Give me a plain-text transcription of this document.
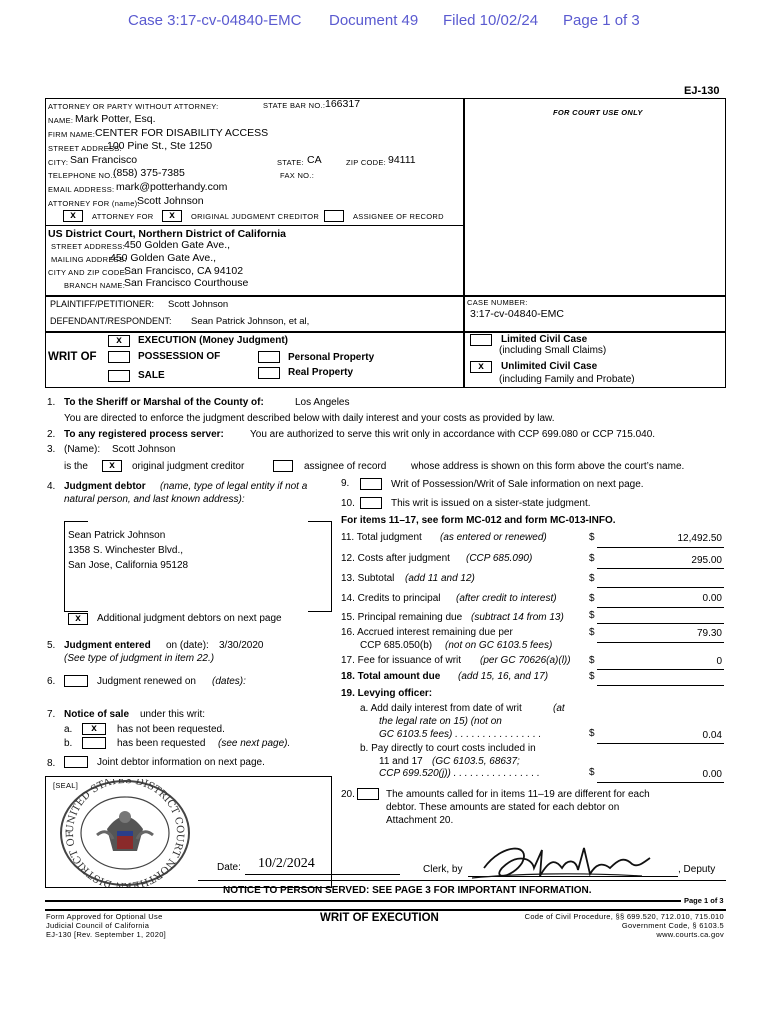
Case 3:17-cv-04840-EMC Document 49 Filed 10/02/24 Page 1 of 3
EJ-130
FOR COURT USE ONLY
ATTORNEY OR PARTY WITHOUT ATTORNEY:	STATE BAR NO.: 166317
NAME: Mark Potter, Esq.
FIRM NAME: CENTER FOR DISABILITY ACCESS
STREET ADDRESS:
100 Pine St., Ste 1250
CITY: San Francisco	STATE: CA	ZIP CODE: 94111
TELEPHONE NO.:
(858) 375-7385	FAX NO.:
EMAIL ADDRESS: mark@potterhandy.com
ATTORNEY FOR (name):
Scott Johnson
x	ATTORNEY FOR	x	ORIGINAL JUDGMENT CREDITOR	ASSIGNEE OF RECORD
US District Court, Northern District of California
STREET ADDRESS: 450 Golden Gate Ave.,
MAILING ADDRESS:
450 Golden Gate Ave.,
CITY AND ZIP CODE:
San Francisco, CA 94102
BRANCH NAME:
San Francisco Courthouse
PLAINTIFF/PETITIONER: Scott Johnson
DEFENDANT/RESPONDENT: Sean Patrick Johnson, et al,
CASE NUMBER:
3:17-cv-04840-EMC
WRIT OF
x	EXECUTION (Money Judgment)
POSSESSION OF	Personal Property
Real Property
SALE
Limited Civil Case
(including Small Claims)
x	Unlimited Civil Case
(including Family and Probate)
1. To the Sheriff or Marshal of the County of:	Los Angeles
You are directed to enforce the judgment described below with daily interest and your costs as provided by law.
2. To any registered process server:	You are authorized to serve this writ only in accordance with CCP 699.080 or CCP 715.040.
3. (Name): Scott Johnson
is the	x	original judgment creditor	assignee of record whose address is shown on this form above the court’s name.
4. Judgment debtor (name, type of legal entity if not a
natural person, and last known address):
Sean Patrick Johnson
1358 S. Winchester Blvd.,
San Jose, California 95128
x	Additional judgment debtors on next page
5. Judgment entered on (date): 3/30/2020
(See type of judgment in item 22.)
6.	Judgment renewed on (dates):
7. Notice of sale under this writ:
a.	x	has not been requested.
b.	has been requested (see next page).
8.	Joint debtor information on next page.
[SEAL]
UNITED STATES DISTRICT COURT NORTHERN DISTRICT OF
9.	Writ of Possession/Writ of Sale information on next page.
10.	This writ is issued on a sister-state judgment.
For items 11–17, see form MC-012 and form MC-013-INFO.
11. Total judgment (as entered or renewed)	$	12,492.50
12. Costs after judgment (CCP 685.090)	$	295.00
13. Subtotal (add 11 and 12)	$
14. Credits to principal (after credit to interest)	$	0.00
15. Principal remaining due (subtract 14 from 13)	$
16. Accrued interest remaining due per
CCP 685.050(b) (not on GC 6103.5 fees)
$	79.30
17. Fee for issuance of writ (per GC 70626(a)(l)) $	0
18. Total amount due (add 15, 16, and 17)	$
19. Levying officer:
a. Add daily interest from date of writ	(at
the legal rate on 15) (not on
GC 6103.5 fees) . . . . . . . . . . . . . . . .	$	0.04
b. Pay directly to court costs included in
11 and 17 (GC 6103.5, 68637;
CCP 699.520(j)) . . . . . . . . . . . . . . . .	$	0.00
20.	The amounts called for in items 11–19 are different for each
debtor. These amounts are stated for each debtor on
Attachment 20.
Date: 10/2/2024	Clerk, by	, Deputy
NOTICE TO PERSON SERVED: SEE PAGE 3 FOR IMPORTANT INFORMATION.
Page 1 of 3
Form Approved for Optional Use
Judicial Council of California
EJ-130 [Rev. September 1, 2020]
WRIT OF EXECUTION	Code of Civil Procedure, §§ 699.520, 712.010, 715.010
Government Code, § 6103.5
www.courts.ca.gov
